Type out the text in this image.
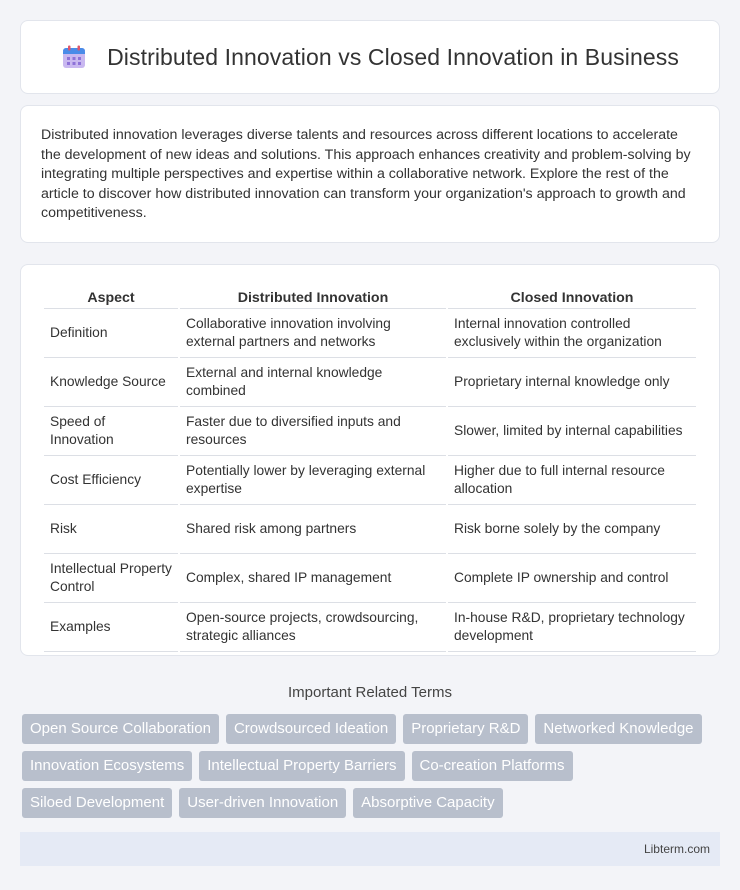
Distributed Innovation vs Closed Innovation in Business

Distributed innovation leverages diverse talents and resources across different locations to accelerate the development of new ideas and solutions. This approach enhances creativity and problem-solving by integrating multiple perspectives and expertise within a collaborative network. Explore the rest of the article to discover how distributed innovation can transform your organization's approach to growth and competitiveness.

Aspect	Distributed Innovation	Closed Innovation
Definition	Collaborative innovation involving external partners and networks	Internal innovation controlled exclusively within the organization
Knowledge Source	External and internal knowledge combined	Proprietary internal knowledge only
Speed of Innovation	Faster due to diversified inputs and resources	Slower, limited by internal capabilities
Cost Efficiency	Potentially lower by leveraging external expertise	Higher due to full internal resource allocation
Risk	Shared risk among partners	Risk borne solely by the company
Intellectual Property Control	Complex, shared IP management	Complete IP ownership and control
Examples	Open-source projects, crowdsourcing, strategic alliances	In-house R&D, proprietary technology development
Important Related Terms
Open Source Collaboration	Crowdsourced Ideation	Proprietary R&D	Networked Knowledge
Innovation Ecosystems	Intellectual Property Barriers	Co-creation Platforms
Siloed Development	User-driven Innovation	Absorptive Capacity
Libterm.com
